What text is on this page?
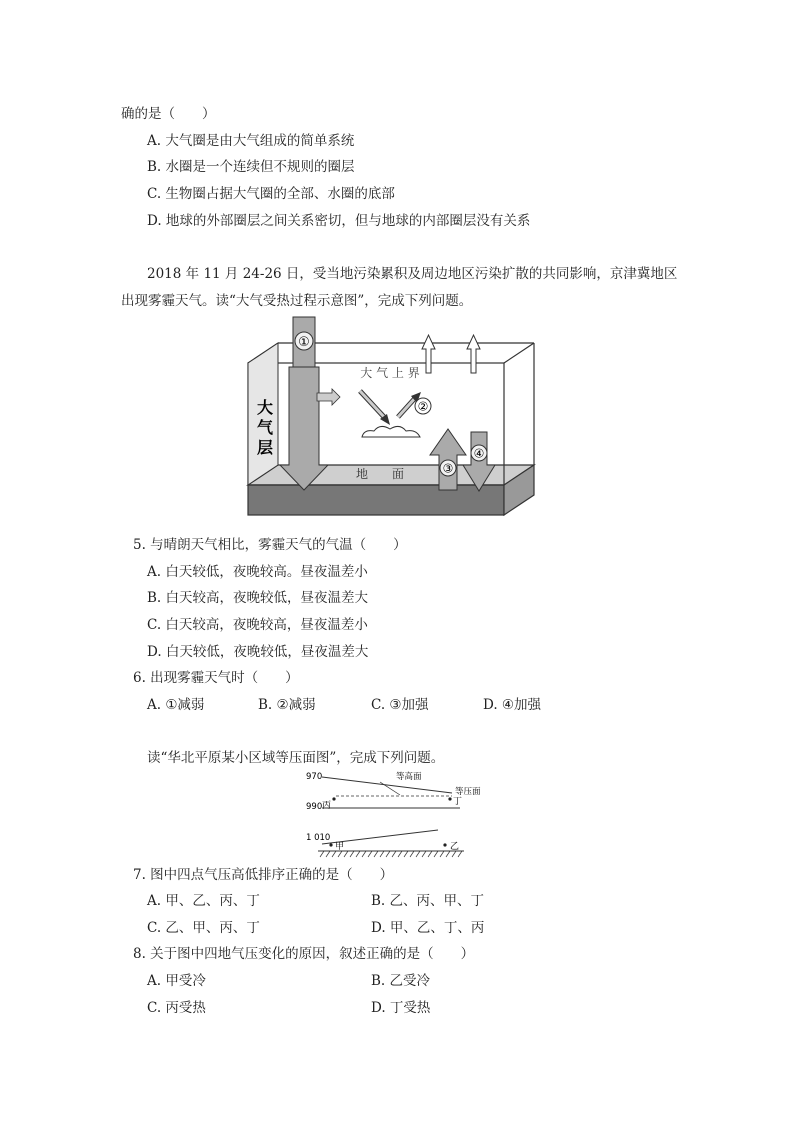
确的是（　　）
A. 大气圈是由大气组成的简单系统
B. 水圈是一个连续但不规则的圈层
C. 生物圈占据大气圈的全部、水圈的底部
D. 地球的外部圈层之间关系密切，但与地球的内部圈层没有关系
2018 年 11 月 24-26 日，受当地污染累积及周边地区污染扩散的共同影响，京津冀地区
出现雾霾天气。读“大气受热过程示意图”，完成下列问题。
①
大 气 上 界
②
③
④
大
气
层
地　　面
5. 与晴朗天气相比，雾霾天气的气温（　　）
A. 白天较低，夜晚较高。昼夜温差小
B. 白天较高，夜晚较低，昼夜温差大
C. 白天较高，夜晚较高，昼夜温差小
D. 白天较低，夜晚较低，昼夜温差大
6. 出现雾霾天气时（　　）
A. ①减弱	B. ②减弱	C. ③加强	D. ④加强
读“华北平原某小区域等压面图”，完成下列问题。
970
990
1 010
等高面
等压面
丙	丁
甲	乙
7. 图中四点气压高低排序正确的是（　　）
A. 甲、乙、丙、丁	B. 乙、丙、甲、丁
C. 乙、甲、丙、丁	D. 甲、乙、丁、丙
8. 关于图中四地气压变化的原因，叙述正确的是（　　）
A. 甲受冷	B. 乙受冷
C. 丙受热	D. 丁受热
